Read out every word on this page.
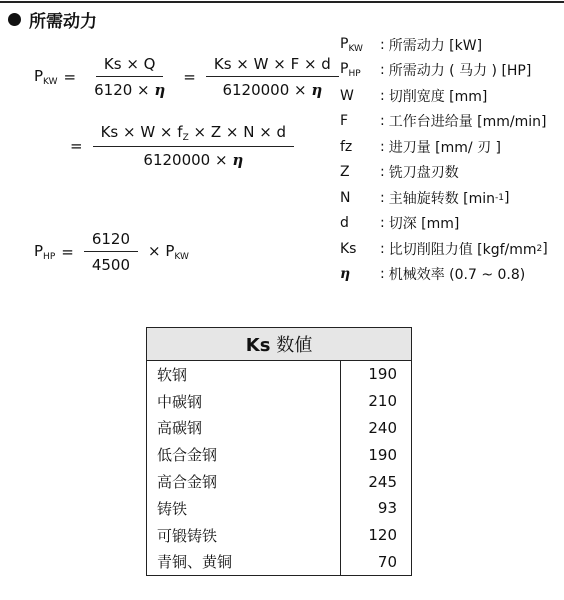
所需动力
$P_{KW} = \frac{Ks \times Q}{6120 \times \eta} = \frac{Ks \times W \times F \times d}{6120000 \times \eta}$
= $\frac{Ks \times W \times f_Z \times Z \times N \times d}{6120000 \times \eta}$
$P_{HP} = \frac{6120}{4500} \times P_{KW}$
$P_{KW}$	: 所需动力 [kW]
$P_{HP}$	: 所需动力 ( 马力 ) [HP]
W	: 切削宽度 [mm]
F	: 工作台进给量 [mm/min]
fz	: 进刀量 [mm/ 刃 ]
Z	: 铣刀盘刃数
N	: 主轴旋转数 [min -1 ]
d	: 切深 [mm]
Ks	: 比切削阻力值 [kgf/mm 2 ]
η	: 机械效率 (0.7 ~ 0.8)
Ks 数値	
软钢	190
中碳钢	210
高碳钢	240
低合金钢	190
高合金钢	245
铸铁	93
可锻铸铁	120
青铜、黄铜	70
